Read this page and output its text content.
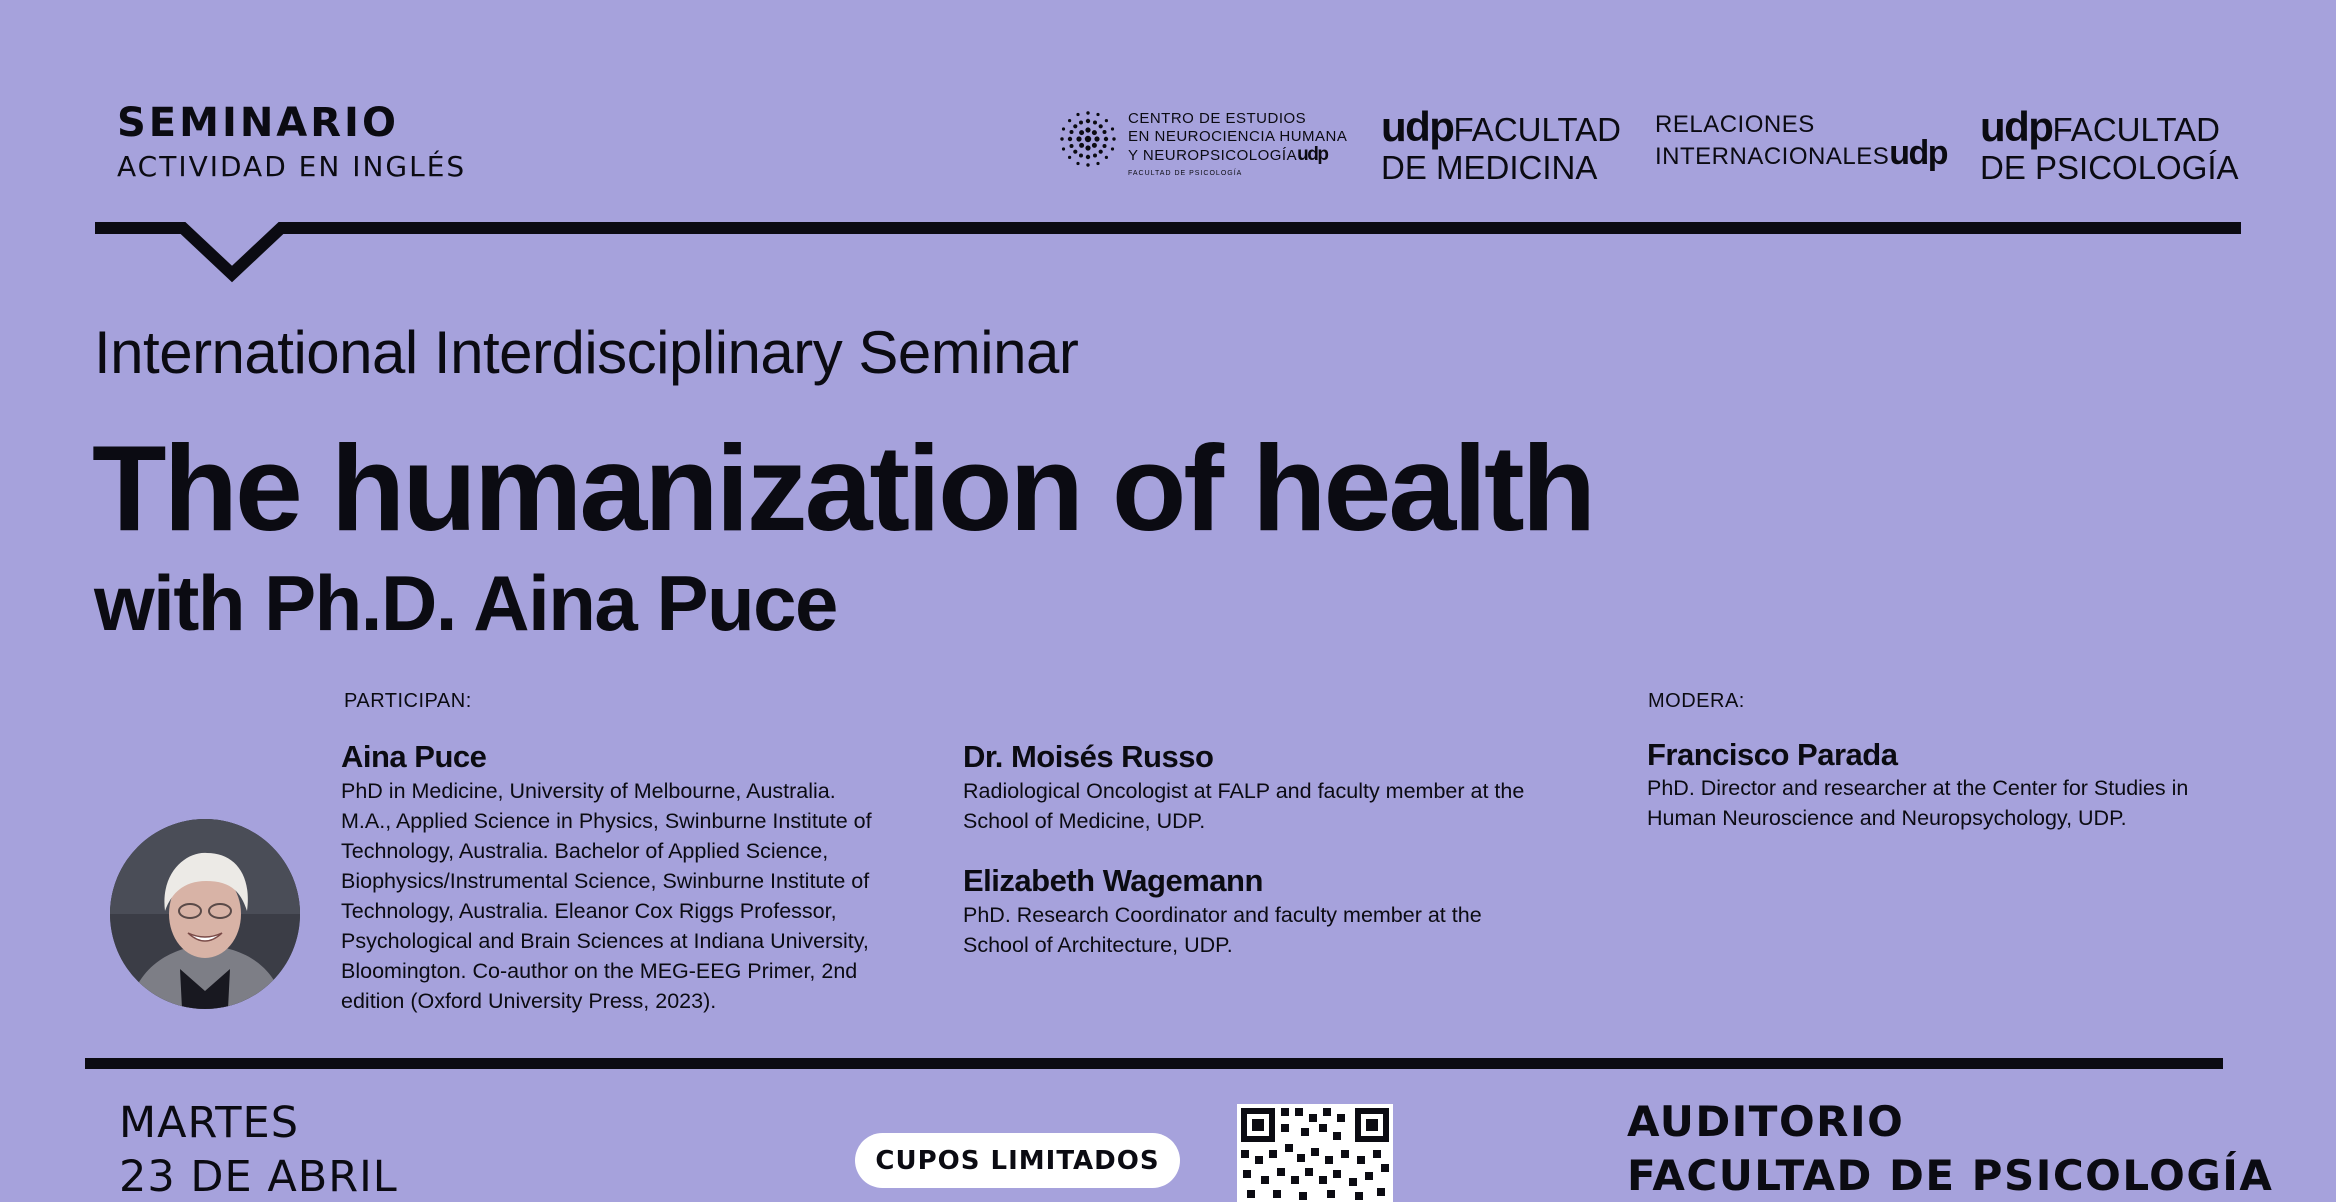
SEMINARIO
ACTIVIDAD EN INGLÉS
CENTRO DE ESTUDIOS
EN NEUROCIENCIA HUMANA
Y NEUROPSICOLOGÍAudp
FACULTAD DE PSICOLOGÍA
udpFACULTAD
DE MEDICINA
RELACIONES
INTERNACIONALESudp
udpFACULTAD
DE PSICOLOGÍA
International Interdisciplinary Seminar
The humanization of health
with Ph.D. Aina Puce
PARTICIPAN:
Aina Puce
PhD in Medicine, University of Melbourne, Australia.
M.A., Applied Science in Physics, Swinburne Institute of
Technology, Australia. Bachelor of Applied Science,
Biophysics/Instrumental Science, Swinburne Institute of
Technology, Australia. Eleanor Cox Riggs Professor,
Psychological and Brain Sciences at Indiana University,
Bloomington. Co-author on the MEG-EEG Primer, 2nd
edition (Oxford University Press, 2023).
Dr. Moisés Russo
Radiological Oncologist at FALP and faculty member at the
School of Medicine, UDP.
Elizabeth Wagemann
PhD. Research Coordinator and faculty member at the
School of Architecture, UDP.
MODERA:
Francisco Parada
PhD. Director and researcher at the Center for Studies in
Human Neuroscience and Neuropsychology, UDP.
MARTES
23 DE ABRIL	CUPOS LIMITADOS
AUDITORIO
FACULTAD DE PSICOLOGÍA
